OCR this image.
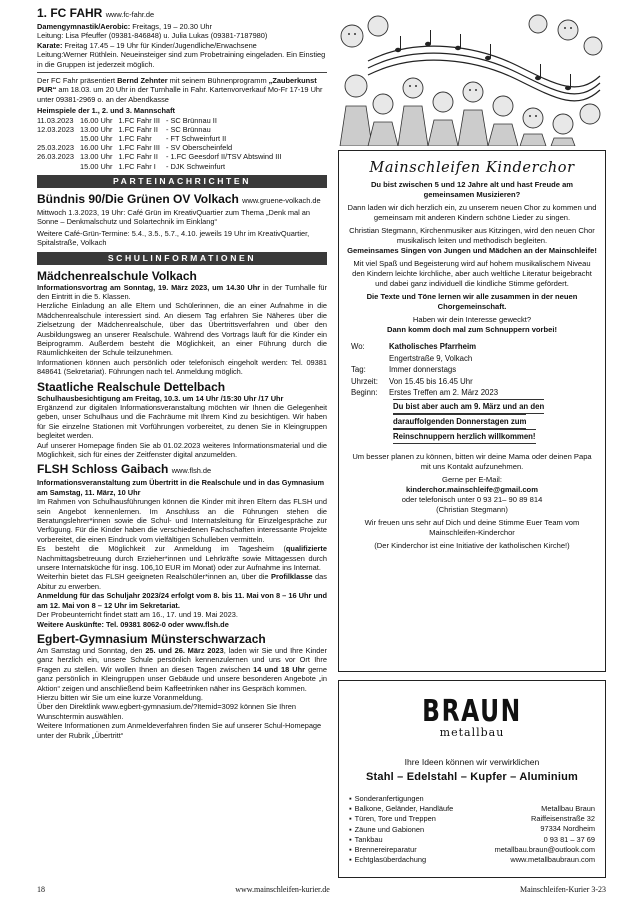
1. FC FAHR www.fc-fahr.de
Damengymnastik/Aerobic: Freitags, 19 – 20.30 Uhr
Leitung: Lisa Pfeuffer (09381-846848) u. Julia Lukas (09381-7187980)
Karate: Freitag 17.45 – 19 Uhr für Kinder/Jugendliche/Erwachsene
Leitung:Werner Rüthlein. Neueinsteiger sind zum Probetraining eingeladen. Ein Einstieg in die Gruppen ist jederzeit möglich.
Der FC Fahr präsentiert Bernd Zehnter mit seinem Bühnenprogramm „Zauberkunst PUR“ am 18.03. um 20 Uhr in der Turnhalle in Fahr. Kartenvorverkauf Mo-Fr 17-19 Uhr unter 09381-2969 o. an der Abendkasse
Heimspiele der 1., 2. und 3. Mannschaft
11.03.2023	16.00 Uhr	1.FC Fahr III	- SC Brünnau II
12.03.2023	13.00 Uhr	1.FC Fahr II	- SC Brünnau
	15.00 Uhr	1.FC Fahr	- FT Schweinfurt II
25.03.2023	16.00 Uhr	1.FC Fahr III	- SV Oberscheinfeld
26.03.2023	13.00 Uhr	1.FC Fahr II	- 1.FC Geesdorf II/TSV Abtswind III
	15.00 Uhr	1.FC Fahr I	- DJK Schweinfurt
PARTEINACHRICHTEN
Bündnis 90/Die Grünen OV Volkach www.gruene-volkach.de
Mittwoch 1.3.2023, 19 Uhr: Café Grün im KreativQuartier zum Thema „Denk mal an Sonne – Denkmalschutz und Solartechnik im Einklang“
Weitere Café-Grün-Termine: 5.4., 3.5., 5.7., 4.10. jeweils 19 Uhr im KreativQuartier, Spitalstraße, Volkach
SCHULINFORMATIONEN
Mädchenrealschule Volkach
Informationsvortrag am Sonntag, 19. März 2023, um 14.30 Uhr in der Turnhalle für den Eintritt in die 5. Klassen.
Herzliche Einladung an alle Eltern und Schülerinnen, die an einer Aufnahme in die Mädchenrealschule interessiert sind. An diesem Tag erfahren Sie Näheres über die Zielsetzung der Mädchenrealschule, über das Übertrittsverfahren und über den Ausbildungsweg an unserer Realschule. Während des Vortrags läuft für die Kinder ein Beiprogramm. Außerdem besteht die Möglichkeit, an einer Führung durch die Räumlichkeiten der Schule teilzunehmen.
Informationen können auch persönlich oder telefonisch eingeholt werden: Tel. 09381 848641 (Sekretariat). Führungen nach tel. Anmeldung möglich.
Staatliche Realschule Dettelbach
Schulhausbesichtigung am Freitag, 10.3. um 14 Uhr /15:30 Uhr /17 Uhr
Ergänzend zur digitalen Informationsveranstaltung möchten wir Ihnen die Gelegenheit geben, unser Schulhaus und die Fachräume mit Ihrem Kind zu besichtigen. Wir haben für Sie einzelne Stationen mit Vorführungen vorbereitet, zu denen Sie in Kleingruppen begleitet werden.
Auf unserer Homepage finden Sie ab 01.02.2023 weiteres Informationsmaterial und die Möglichkeit, sich für eines der Zeitfenster digital anzumelden.
FLSH Schloss Gaibach www.flsh.de
Informationsveranstaltung zum Übertritt in die Realschule und in das Gymnasium am Samstag, 11. März, 10 Uhr
Im Rahmen von Schulhausführungen können die Kinder mit ihren Eltern das FLSH und sein Angebot kennenlernen. Im Anschluss an die Führungen stehen die Beratungslehrer*innen sowie die Schul- und Internatsleitung für Einzelgespräche zur Verfügung. Für die Kinder haben die verschiedenen Fachschaften interessante Projekte vorbereitet, die einen Eindruck vom vielfältigen Schulleben vermitteln.
Es besteht die Möglichkeit zur Anmeldung im Tagesheim (qualifizierte Nachmittagsbetreuung durch Erzieher*innen und Lehrkräfte sowie Mittagessen durch unsere Internatsküche für insg. 106,10 EUR im Monat) oder zur Aufnahme ins Internat.
Weiterhin bietet das FLSH geeigneten Realschüler*innen an, über die Profilklasse das Abitur zu erwerben.
Anmeldung für das Schuljahr 2023/24 erfolgt vom 8. bis 11. Mai von 8 – 16 Uhr und am 12. Mai von 8 – 12 Uhr im Sekretariat.
Der Probeunterricht findet statt am 16., 17. und 19. Mai 2023.
Weitere Auskünfte: Tel. 09381 8062-0 oder www.flsh.de
Egbert-Gymnasium Münsterschwarzach
Am Samstag und Sonntag, den 25. und 26. März 2023, laden wir Sie und Ihre Kinder ganz herzlich ein, unsere Schule persönlich kennenzulernen und uns vor Ort Ihre Fragen zu stellen. Wir wollen Ihnen an diesen Tagen zwischen 14 und 18 Uhr gerne ganz persönlich in Kleingruppen unser Gebäude und unsere besonderen Angebote „in Aktion“ zeigen und anschließend beim Kaffeetrinken näher ins Gespräch kommen.
Hierzu bitten wir Sie um eine kurze Voranmeldung.
Über den Direktlink www.egbert-gymnasium.de/?Itemid=3092 können Sie Ihren Wunschtermin auswählen.
Weitere Informationen zum Anmeldeverfahren finden Sie auf unserer Schul-Homepage unter der Rubrik „Übertritt“
Mainschleifen Kinderchor

Du bist zwischen 5 und 12 Jahre alt und hast Freude am gemeinsamen Musizieren?

Dann laden wir dich herzlich ein, zu unserem neuen Chor zu kommen und gemeinsam mit anderen Kindern schöne Lieder zu singen.

Christian Stegmann, Kirchenmusiker aus Kitzingen, wird den neuen Chor musikalisch leiten und methodisch begleiten.

Gemeinsames Singen von Jungen und Mädchen an der Mainschleife!

Mit viel Spaß und Begeisterung wird auf hohem musikalischem Niveau den Kindern leichte kirchliche, aber auch weltliche Literatur beigebracht und dabei ganz individuell die kindliche Stimme gefördert.

Die Texte und Töne lernen wir alle zusammen in der neuen Chorgemeinschaft.

Haben wir dein Interesse geweckt?

Dann komm doch mal zum Schnuppern vorbei!

Wo:	Katholisches Pfarrheim
Engertstraße 9, Volkach
Tag:	Immer donnerstags
Uhrzeit:	Von 15.45 bis 16.45 Uhr
Beginn:	Erstes Treffen am 2. März 2023
Du bist aber auch am 9. März und an den
darauffolgenden Donnerstagen zum
Reinschnuppern herzlich willkommen!

Um besser planen zu können, bitten wir deine Mama oder deinen Papa mit uns Kontakt aufzunehmen.

Gerne per E-Mail:

kinderchor.mainschleife@gmail.com

oder telefonisch unter 0 93 21– 90 89 814

(Christian Stegmann)

Wir freuen uns sehr auf Dich und deine Stimme Euer Team vom Mainschleifen-Kinderchor

(Der Kinderchor ist eine Initiative der katholischen Kirche!)

BRAUN
metallbau
Ihre Ideen können wir verwirklichen
Stahl – Edelstahl – Kupfer – Aluminium
▪ Sonderanfertigungen
▪ Balkone, Geländer, Handläufe
▪ Türen, Tore und Treppen
▪ Zäune und Gabionen
▪ Tankbau
▪ Brennereireparatur
▪ Echtglasüberdachung
Metallbau Braun
Raiffeisenstraße 32
97334 Nordheim
0 93 81 – 37 69
metallbau.braun@outlook.com
www.metallbaubraun.com
18	www.mainschleifen-kurier.de	Mainschleifen-Kurier 3-23
